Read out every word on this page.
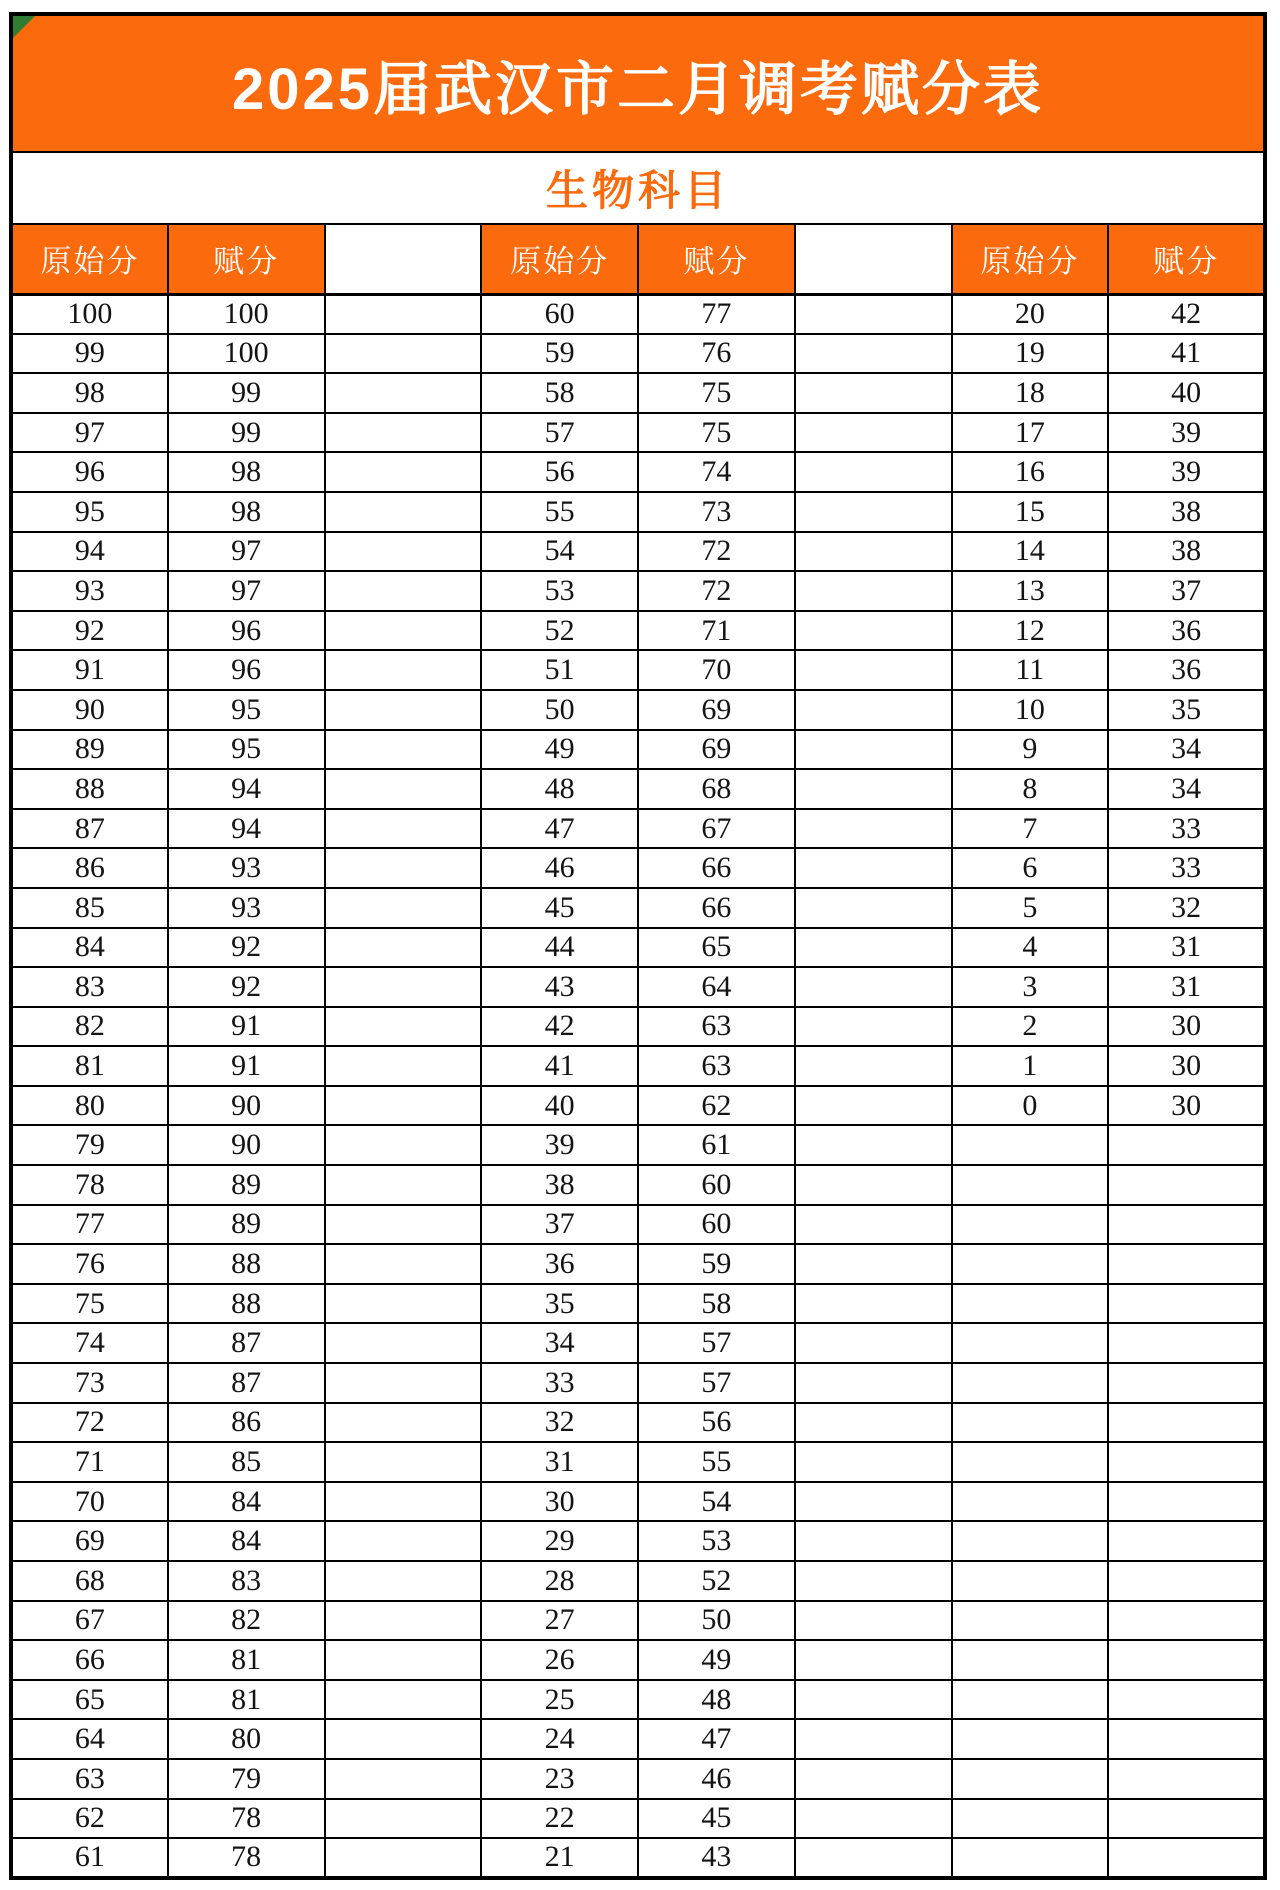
2025届武汉市二月调考赋分表							
生物科目							
原始分	赋分		原始分	赋分		原始分	赋分
100	100		60	77		20	42
99	100		59	76		19	41
98	99		58	75		18	40
97	99		57	75		17	39
96	98		56	74		16	39
95	98		55	73		15	38
94	97		54	72		14	38
93	97		53	72		13	37
92	96		52	71		12	36
91	96		51	70		11	36
90	95		50	69		10	35
89	95		49	69		9	34
88	94		48	68		8	34
87	94		47	67		7	33
86	93		46	66		6	33
85	93		45	66		5	32
84	92		44	65		4	31
83	92		43	64		3	31
82	91		42	63		2	30
81	91		41	63		1	30
80	90		40	62		0	30
79	90		39	61			
78	89		38	60			
77	89		37	60			
76	88		36	59			
75	88		35	58			
74	87		34	57			
73	87		33	57			
72	86		32	56			
71	85		31	55			
70	84		30	54			
69	84		29	53			
68	83		28	52			
67	82		27	50			
66	81		26	49			
65	81		25	48			
64	80		24	47			
63	79		23	46			
62	78		22	45			
61	78		21	43			
